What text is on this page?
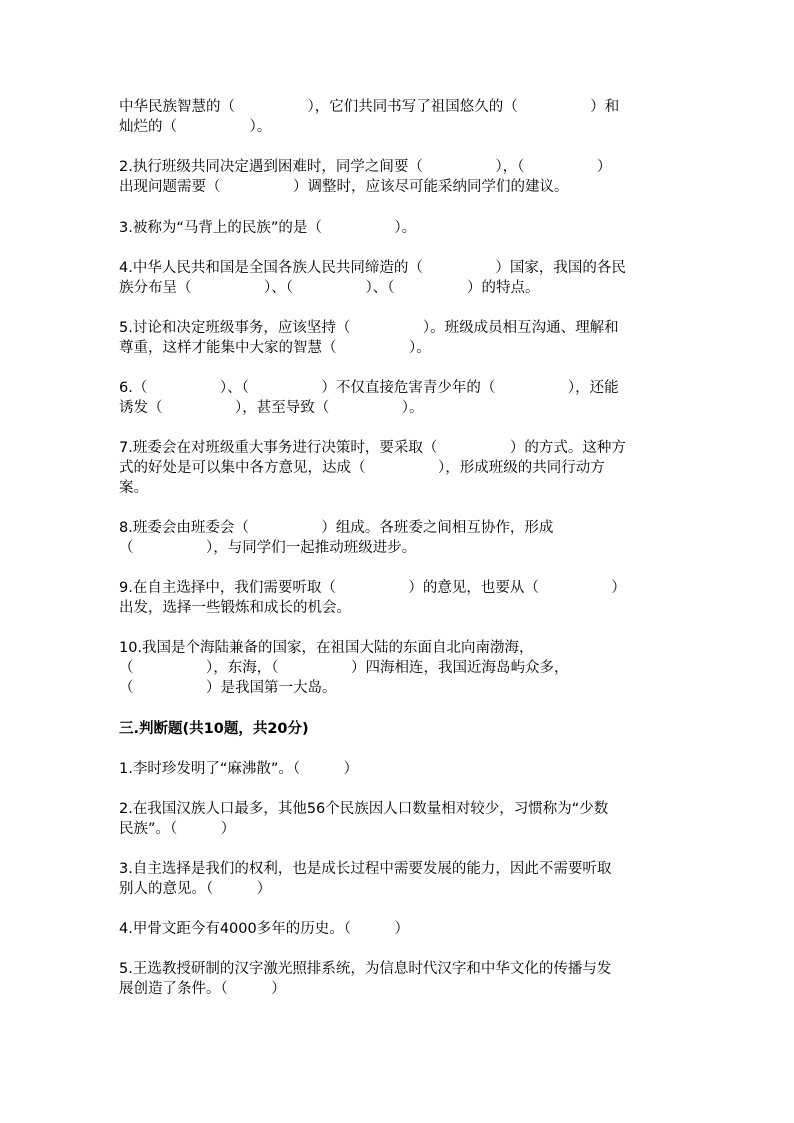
中华民族智慧的（　　　　　），它们共同书写了祖国悠久的（　　　　　）和
灿烂的（　　　　　）。
2.执行班级共同决定遇到困难时，同学之间要（　　　　　），（　　　　　）
出现问题需要（　　　　　）调整时，应该尽可能采纳同学们的建议。
3.被称为“马背上的民族”的是（　　　　　）。
4.中华人民共和国是全国各族人民共同缔造的（　　　　　）国家，我国的各民
族分布呈（　　　　　）、（　　　　　）、（　　　　　）的特点。
5.讨论和决定班级事务，应该坚持（　　　　　）。班级成员相互沟通、理解和
尊重，这样才能集中大家的智慧（　　　　　）。
6.（　　　　　）、（　　　　　）不仅直接危害青少年的（　　　　　），还能
诱发（　　　　　），甚至导致（　　　　　）。
7.班委会在对班级重大事务进行决策时，要采取（　　　　　）的方式。这种方
式的好处是可以集中各方意见，达成（　　　　　），形成班级的共同行动方
案。
8.班委会由班委会（　　　　　）组成。各班委之间相互协作，形成
（　　　　　），与同学们一起推动班级进步。
9.在自主选择中，我们需要听取（　　　　　）的意见，也要从（　　　　　）
出发，选择一些锻炼和成长的机会。
10.我国是个海陆兼备的国家，在祖国大陆的东面自北向南渤海，
（　　　　　），东海，（　　　　　）四海相连，我国近海岛屿众多，
（　　　　　）是我国第一大岛。
三.判断题(共10题，共20分)
1.李时珍发明了“麻沸散”。（　　　）
2.在我国汉族人口最多，其他56个民族因人口数量相对较少，习惯称为“少数
民族”。（　　　）
3.自主选择是我们的权利，也是成长过程中需要发展的能力，因此不需要听取
别人的意见。（　　　）
4.甲骨文距今有4000多年的历史。（　　　）
5.王选教授研制的汉字激光照排系统，为信息时代汉字和中华文化的传播与发
展创造了条件。（　　　）
